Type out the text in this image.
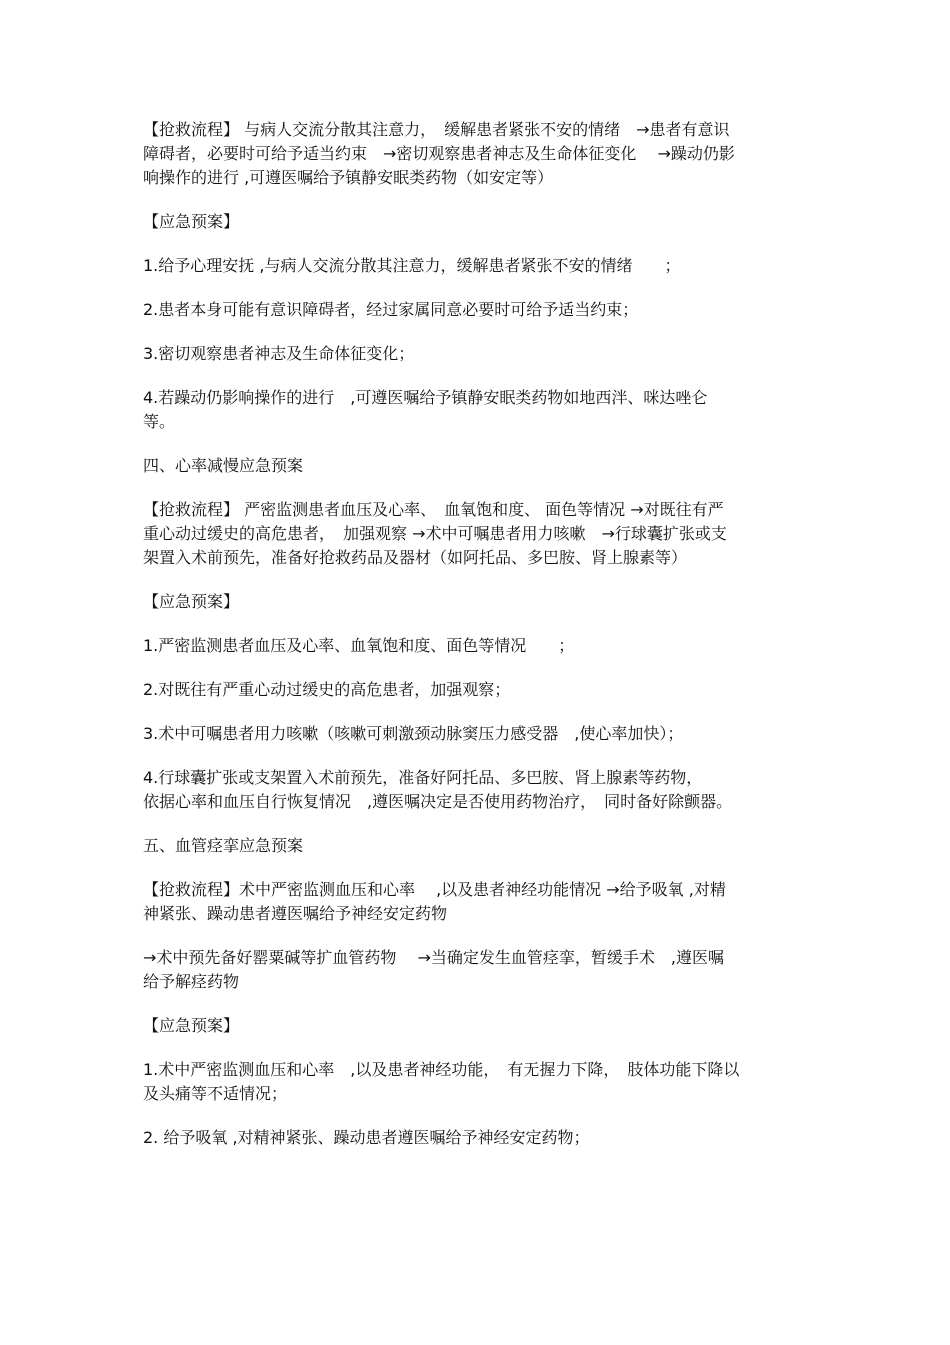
【抢救流程】 与病人交流分散其注意力，　缓解患者紧张不安的情绪　→患者有意识
障碍者，必要时可给予适当约束　→密切观察患者神志及生命体征变化　 →躁动仍影
响操作的进行 ,可遵医嘱给予镇静安眠类药物（如安定等）

【应急预案】

1.给予心理安抚 ,与病人交流分散其注意力，缓解患者紧张不安的情绪　　；

2.患者本身可能有意识障碍者，经过家属同意必要时可给予适当约束；

3.密切观察患者神志及生命体征变化；

4.若躁动仍影响操作的进行　,可遵医嘱给予镇静安眠类药物如地西泮、咪达唑仑
等。

四、心率减慢应急预案

【抢救流程】 严密监测患者血压及心率、　血氧饱和度、 面色等情况 →对既往有严
重心动过缓史的高危患者，　加强观察 →术中可嘱患者用力咳嗽　→行球囊扩张或支
架置入术前预先，准备好抢救药品及器材（如阿托品、多巴胺、肾上腺素等）

【应急预案】

1.严密监测患者血压及心率、血氧饱和度、面色等情况　　；

2.对既往有严重心动过缓史的高危患者，加强观察；

3.术中可嘱患者用力咳嗽（咳嗽可刺激颈动脉窦压力感受器　,使心率加快）；

4.行球囊扩张或支架置入术前预先，准备好阿托品、多巴胺、肾上腺素等药物，
依据心率和血压自行恢复情况　,遵医嘱决定是否使用药物治疗，　同时备好除颤器。

五、血管痉挛应急预案

【抢救流程】术中严密监测血压和心率　 ,以及患者神经功能情况 →给予吸氧 ,对精
神紧张、躁动患者遵医嘱给予神经安定药物

→术中预先备好罂粟碱等扩血管药物　 →当确定发生血管痉挛，暂缓手术　,遵医嘱
给予解痉药物

【应急预案】

1.术中严密监测血压和心率　,以及患者神经功能，　有无握力下降，　肢体功能下降以
及头痛等不适情况；

2. 给予吸氧 ,对精神紧张、躁动患者遵医嘱给予神经安定药物；
